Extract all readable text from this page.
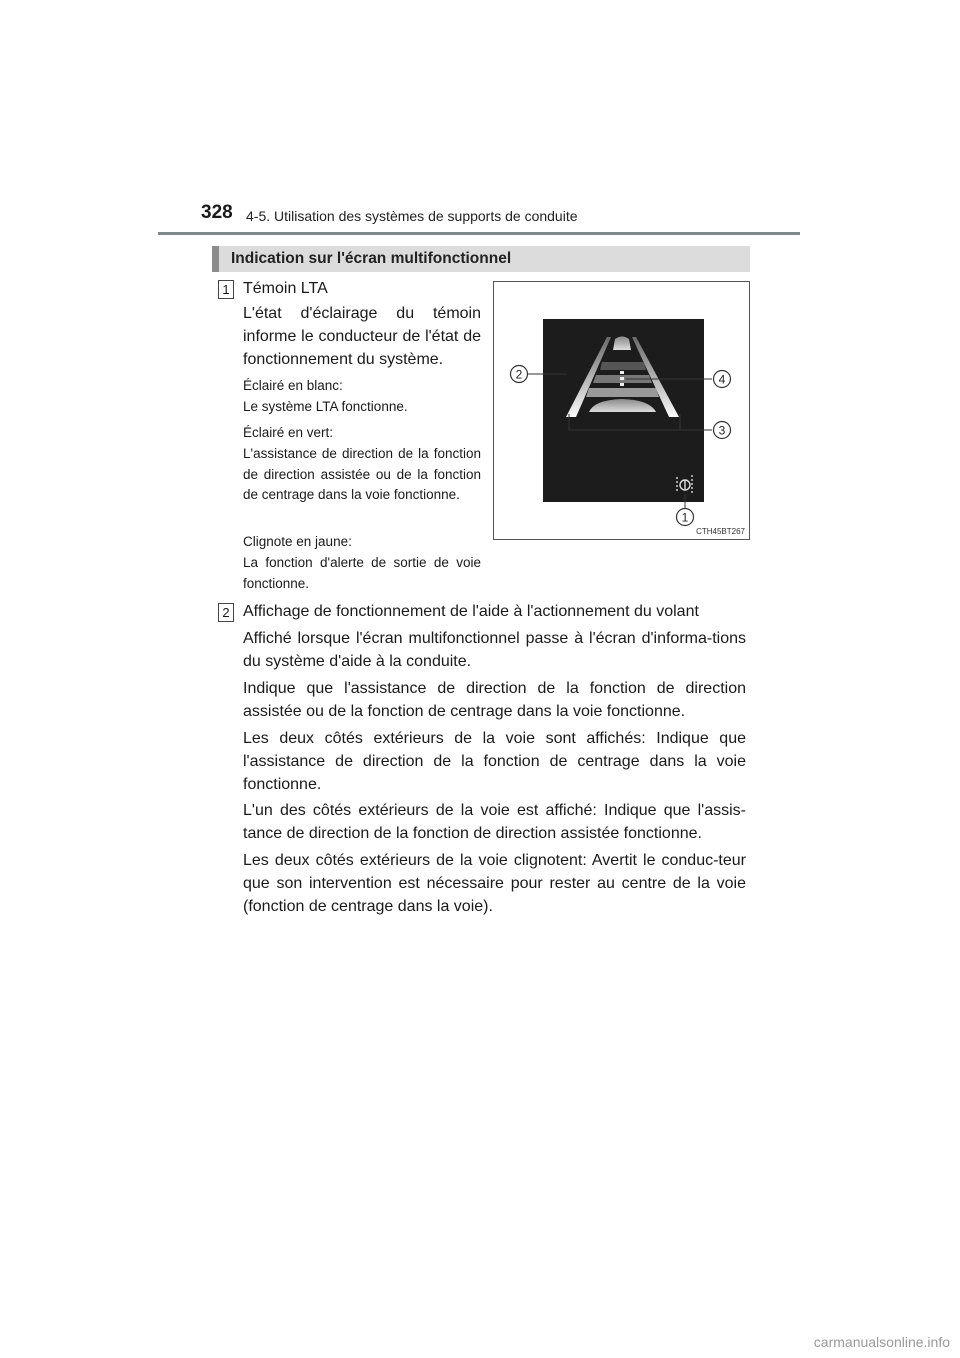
328 4-5. Utilisation des systèmes de supports de conduite
Indication sur l'écran multifonctionnel
1 Témoin LTA

L'état d'éclairage du témoin informe le conducteur de l'état de fonctionnement du système.

Éclairé en blanc:

Le système LTA fonctionne.

Éclairé en vert:

L'assistance de direction de la fonction de direction assistée ou de la fonction de centrage dans la voie fonctionne.

Clignote en jaune:

La fonction d'alerte de sortie de voie fonctionne.

2	4
3
1
CTH45BT267
2 Affichage de fonctionnement de l'aide à l'actionnement du volant

Affiché lorsque l'écran multifonctionnel passe à l'écran d'informa-tions du système d'aide à la conduite.

Indique que l'assistance de direction de la fonction de direction assistée ou de la fonction de centrage dans la voie fonctionne.

Les deux côtés extérieurs de la voie sont affichés: Indique que l'assistance de direction de la fonction de centrage dans la voie fonctionne.

L'un des côtés extérieurs de la voie est affiché: Indique que l'assis-tance de direction de la fonction de direction assistée fonctionne.

Les deux côtés extérieurs de la voie clignotent: Avertit le conduc-teur que son intervention est nécessaire pour rester au centre de la voie (fonction de centrage dans la voie).

carmanualsonline.info
